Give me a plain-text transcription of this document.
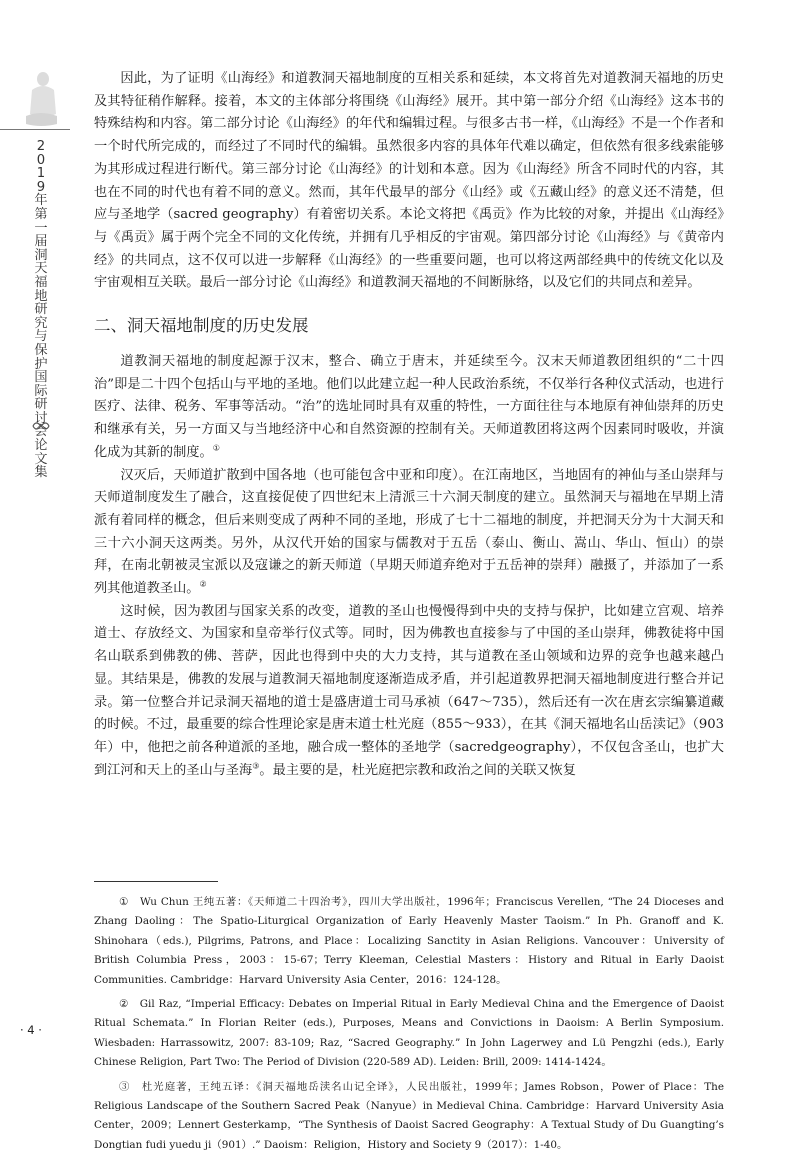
2019年第一届洞天福地研究与保护国际研讨会论文集

因此，为了证明《山海经》和道教洞天福地制度的互相关系和延续，本文将首先对道教洞天福地的历史及其特征稍作解释。接着，本文的主体部分将围绕《山海经》展开。其中第一部分介绍《山海经》这本书的特殊结构和内容。第二部分讨论《山海经》的年代和编辑过程。与很多古书一样，《山海经》不是一个作者和一个时代所完成的，而经过了不同时代的编辑。虽然很多内容的具体年代难以确定，但依然有很多线索能够为其形成过程进行断代。第三部分讨论《山海经》的计划和本意。因为《山海经》所含不同时代的内容，其也在不同的时代也有着不同的意义。然而，其年代最早的部分《山经》或《五藏山经》的意义还不清楚，但应与圣地学（sacred geography）有着密切关系。本论文将把《禹贡》作为比较的对象，并提出《山海经》与《禹贡》属于两个完全不同的文化传统，并拥有几乎相反的宇宙观。第四部分讨论《山海经》与《黄帝内经》的共同点，这不仅可以进一步解释《山海经》的一些重要问题，也可以将这两部经典中的传统文化以及宇宙观相互关联。最后一部分讨论《山海经》和道教洞天福地的不间断脉络，以及它们的共同点和差异。

二、洞天福地制度的历史发展

道教洞天福地的制度起源于汉末，整合、确立于唐末，并延续至今。汉末天师道教团组织的“二十四治”即是二十四个包括山与平地的圣地。他们以此建立起一种人民政治系统，不仅举行各种仪式活动，也进行医疗、法律、税务、军事等活动。“治”的选址同时具有双重的特性，一方面往往与本地原有神仙崇拜的历史和继承有关，另一方面又与当地经济中心和自然资源的控制有关。天师道教团将这两个因素同时吸收，并演化成为其新的制度。①

汉灭后，天师道扩散到中国各地（也可能包含中亚和印度）。在江南地区，当地固有的神仙与圣山崇拜与天师道制度发生了融合，这直接促使了四世纪末上清派三十六洞天制度的建立。虽然洞天与福地在早期上清派有着同样的概念，但后来则变成了两种不同的圣地，形成了七十二福地的制度，并把洞天分为十大洞天和三十六小洞天这两类。另外，从汉代开始的国家与儒教对于五岳（泰山、衡山、嵩山、华山、恒山）的崇拜，在南北朝被灵宝派以及寇谦之的新天师道（早期天师道弃绝对于五岳神的崇拜）融摄了，并添加了一系列其他道教圣山。②

这时候，因为教团与国家关系的改变，道教的圣山也慢慢得到中央的支持与保护，比如建立宫观、培养道士、存放经文、为国家和皇帝举行仪式等。同时，因为佛教也直接参与了中国的圣山崇拜，佛教徒将中国名山联系到佛教的佛、菩萨，因此也得到中央的大力支持，其与道教在圣山领域和边界的竞争也越来越凸显。其结果是，佛教的发展与道教洞天福地制度逐渐造成矛盾，并引起道教界把洞天福地制度进行整合并记录。第一位整合并记录洞天福地的道士是盛唐道士司马承祯（647～735），然后还有一次在唐玄宗编纂道藏的时候。不过，最重要的综合性理论家是唐末道士杜光庭（855～933），在其《洞天福地名山岳渎记》（903年）中，他把之前各种道派的圣地，融合成一整体的圣地学（sacredgeography），不仅包含圣山，也扩大到江河和天上的圣山与圣海③。最主要的是，杜光庭把宗教和政治之间的关联又恢复

①　Wu Chun 王纯五著：《天师道二十四治考》，四川大学出版社，1996年；Franciscus Verellen, “The 24 Dioceses and Zhang Daoling：The Spatio-Liturgical Organization of Early Heavenly Master Taoism.” In Ph. Granoff and K. Shinohara（eds.), Pilgrims, Patrons, and Place：Localizing Sanctity in Asian Religions. Vancouver：University of British Columbia Press，2003：15-67；Terry Kleeman, Celestial Masters：History and Ritual in Early Daoist Communities. Cambridge：Harvard University Asia Center，2016：124-128。

②　Gil Raz, “Imperial Efficacy: Debates on Imperial Ritual in Early Medieval China and the Emergence of Daoist Ritual Schemata.” In Florian Reiter (eds.), Purposes, Means and Convictions in Daoism: A Berlin Symposium. Wiesbaden: Harrassowitz, 2007: 83-109; Raz, “Sacred Geography.” In John Lagerwey and Lü Pengzhi (eds.), Early Chinese Religion, Part Two: The Period of Division (220-589 AD). Leiden: Brill, 2009: 1414-1424。

③　杜光庭著，王纯五译：《洞天福地岳渎名山记全译》，人民出版社，1999年；James Robson，Power of Place：The Religious Landscape of the Southern Sacred Peak（Nanyue）in Medieval China. Cambridge：Harvard University Asia Center，2009；Lennert Gesterkamp，“The Synthesis of Daoist Sacred Geography：A Textual Study of Du Guangting’s Dongtian fudi yuedu ji（901）.” Daoism：Religion，History and Society 9（2017）：1-40。

· 4 ·
